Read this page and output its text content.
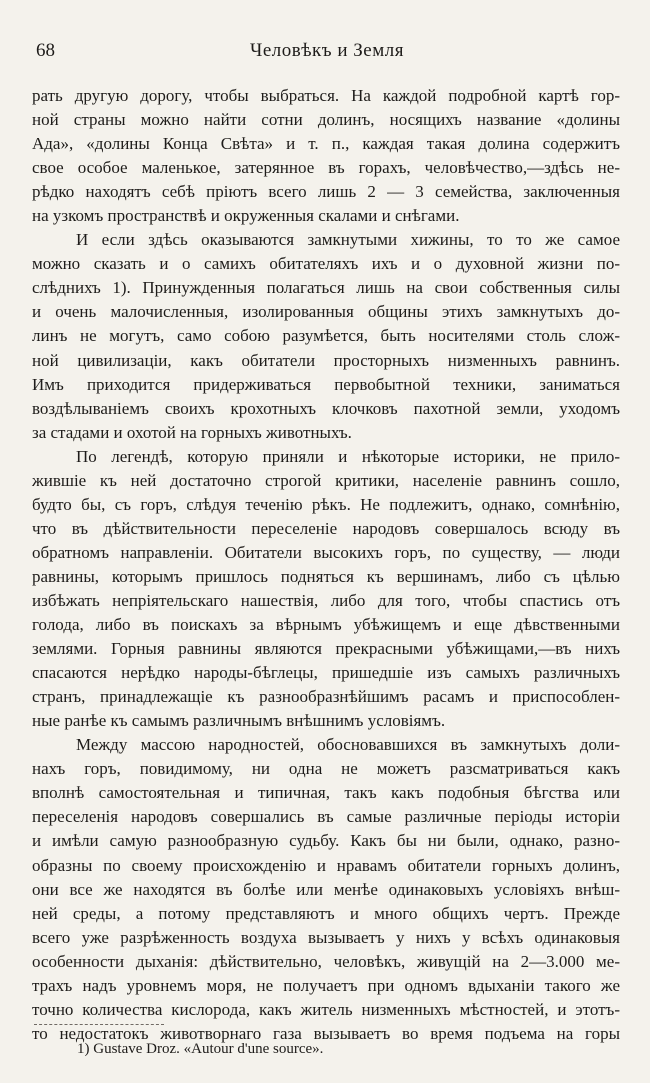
68	Человѣкъ и Земля

рать другую дорогу, чтобы выбраться. На каждой подробной картѣ гор-

ной страны можно найти сотни долинъ, носящихъ название «долины

Ада», «долины Конца Свѣта» и т. п., каждая такая долина содержитъ

свое особое маленькое, затерянное въ горахъ, человѣчество,—здѣсь не-

рѣдко находятъ себѣ пріютъ всего лишь 2 — 3 семейства, заключенныя

на узкомъ пространствѣ и окруженныя скалами и снѣгами.

И если здѣсь оказываются замкнутыми хижины, то то же самое

можно сказать и о самихъ обитателяхъ ихъ и о духовной жизни по-

слѣднихъ 1). Принужденныя полагаться лишь на свои собственныя силы

и очень малочисленныя, изолированныя общины этихъ замкнутыхъ до-

линъ не могутъ, само собою разумѣется, быть носителями столь слож-

ной цивилизаціи, какъ обитатели просторныхъ низменныхъ равнинъ.

Имъ приходится придерживаться первобытной техники, заниматься

воздѣлываніемъ своихъ крохотныхъ клочковъ пахотной земли, уходомъ

за стадами и охотой на горныхъ животныхъ.

По легендѣ, которую приняли и нѣкоторые историки, не прило-

жившіе къ ней достаточно строгой критики, населеніе равнинъ сошло,

будто бы, съ горъ, слѣдуя теченію рѣкъ. Не подлежитъ, однако, сомнѣнію,

что въ дѣйствительности переселеніе народовъ совершалось всюду въ

обратномъ направленіи. Обитатели высокихъ горъ, по существу, — люди

равнины, которымъ пришлось подняться къ вершинамъ, либо съ цѣлью

избѣжать непріятельскаго нашествія, либо для того, чтобы спастись отъ

голода, либо въ поискахъ за вѣрнымъ убѣжищемъ и еще дѣвственными

землями. Горныя равнины являются прекрасными убѣжищами,—въ нихъ

спасаются нерѣдко народы-бѣглецы, пришедшіе изъ самыхъ различныхъ

странъ, принадлежащіе къ разнообразнѣйшимъ расамъ и приспособлен-

ные ранѣе къ самымъ различнымъ внѣшнимъ условіямъ.

Между массою народностей, обосновавшихся въ замкнутыхъ доли-

нахъ горъ, повидимому, ни одна не можетъ разсматриваться какъ

вполнѣ самостоятельная и типичная, такъ какъ подобныя бѣгства или

переселенія народовъ совершались въ самые различные періоды исторіи

и имѣли самую разнообразную судьбу. Какъ бы ни были, однако, разно-

образны по своему происхожденію и нравамъ обитатели горныхъ долинъ,

они все же находятся въ болѣе или менѣе одинаковыхъ условіяхъ внѣш-

ней среды, а потому представляютъ и много общихъ чертъ. Прежде

всего уже разрѣженность воздуха вызываетъ у нихъ у всѣхъ одинаковыя

особенности дыханія: дѣйствительно, человѣкъ, живущій на 2—3.000 ме-

трахъ надъ уровнемъ моря, не получаетъ при одномъ вдыханіи такого же

точно количества кислорода, какъ житель низменныхъ мѣстностей, и этотъ-

то недостатокъ животворнаго газа вызываетъ во время подъема на горы

1) Gustave Droz. «Autour d'une source».
